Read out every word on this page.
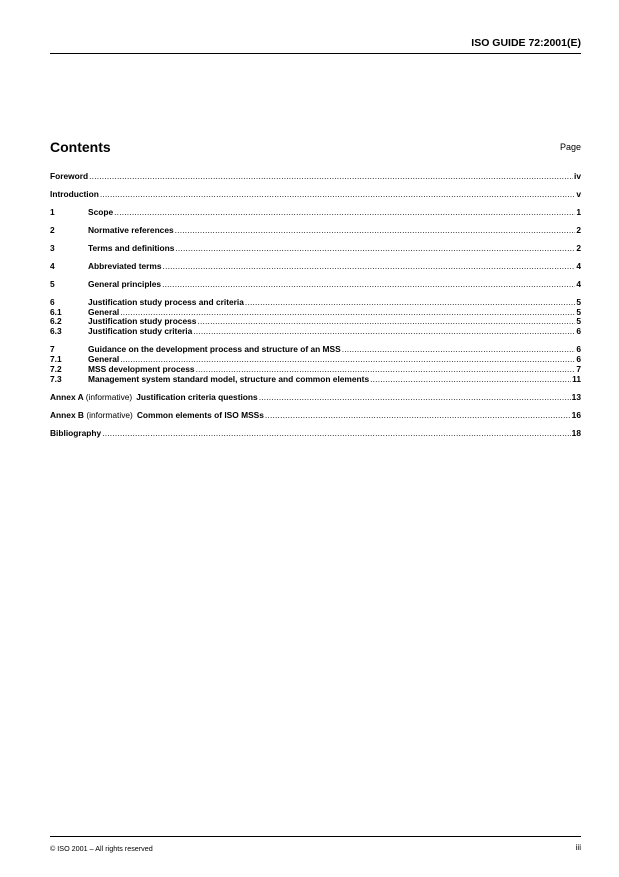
ISO GUIDE 72:2001(E)
Contents	Page
Foreword .....	iv
Introduction .....	v
1	Scope .....	1
2	Normative references .....	2
3	Terms and definitions .....	2
4	Abbreviated terms .....	4
5	General principles .....	4
6	Justification study process and criteria .....	5
6.1	General .....	5
6.2	Justification study process .....	5
6.3	Justification study criteria .....	6
7	Guidance on the development process and structure of an MSS .....	6
7.1	General .....	6
7.2	MSS development process .....	7
7.3	Management system standard model, structure and common elements .....	11
Annex A (informative) Justification criteria questions .....	13
Annex B (informative) Common elements of ISO MSSs .....	16
Bibliography .....	18
© ISO 2001 – All rights reserved	iii
